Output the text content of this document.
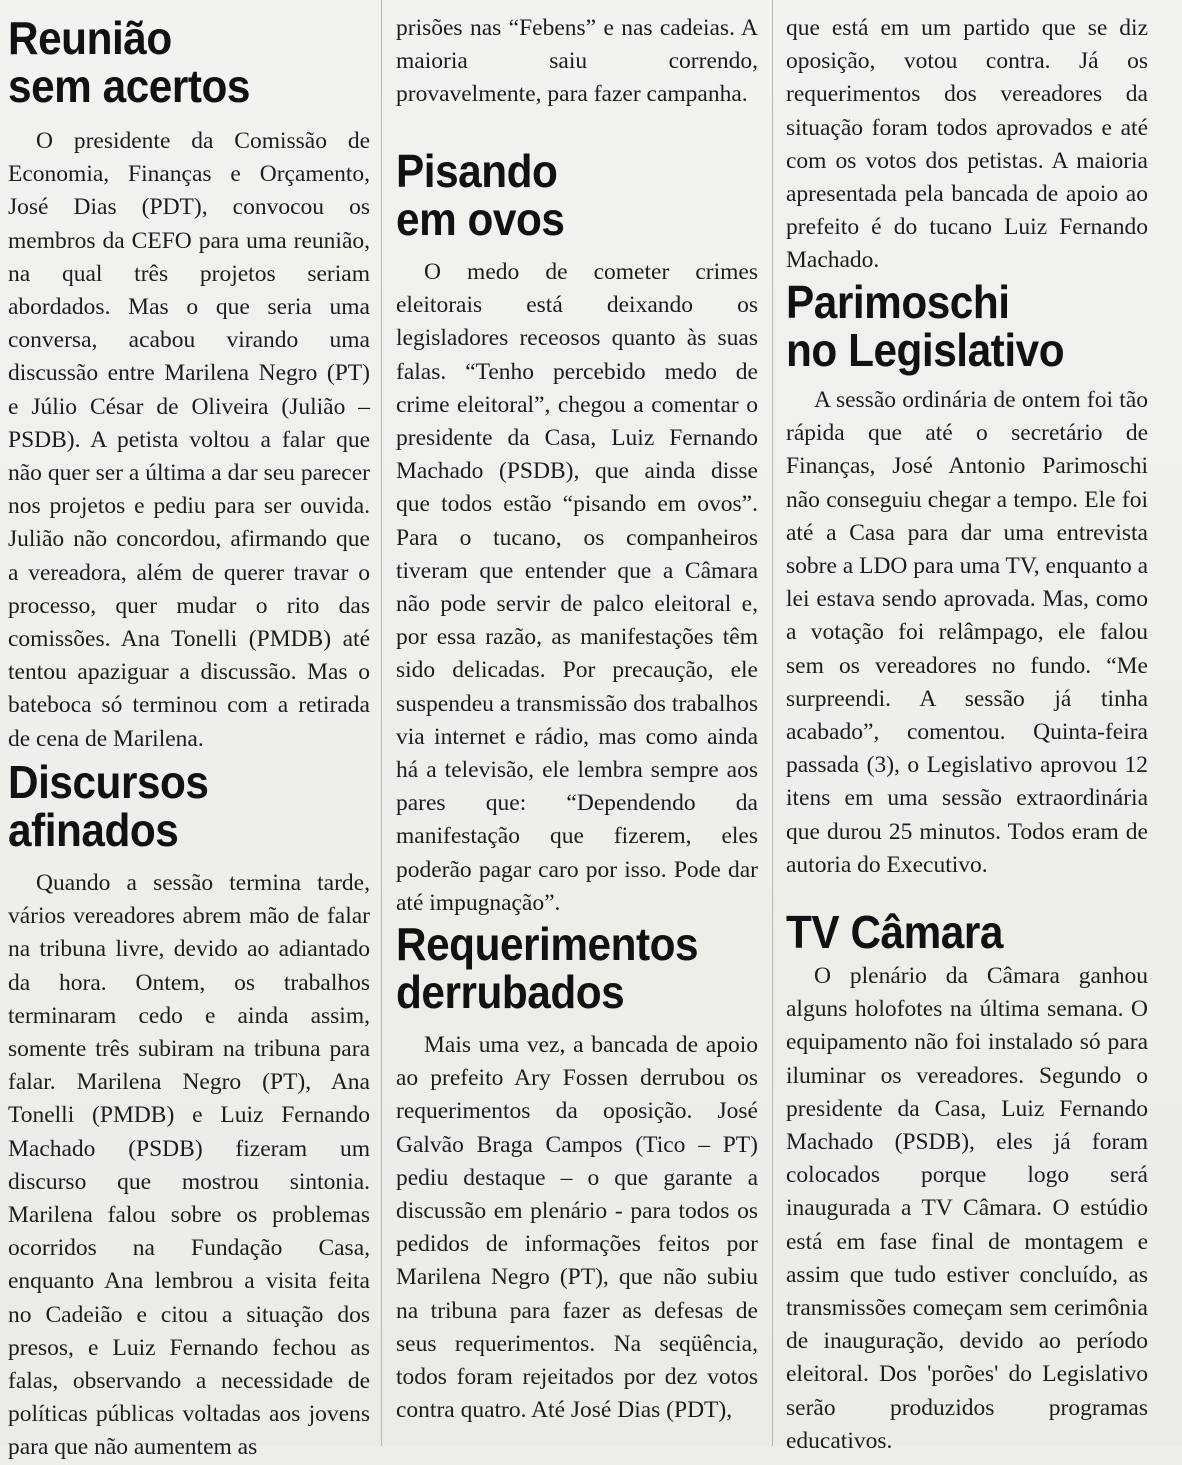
Reunião
sem acertos

O presidente da Comissão de Economia, Finanças e Orçamento, José Dias (PDT), convocou os membros da CEFO para uma reunião, na qual três projetos seriam abordados. Mas o que seria uma conversa, acabou virando uma discussão entre Marilena Negro (PT) e Júlio César de Oliveira (Julião – PSDB). A petista voltou a falar que não quer ser a última a dar seu parecer nos projetos e pediu para ser ouvida. Julião não concordou, afirmando que a vereadora, além de querer travar o processo, quer mudar o rito das comissões. Ana Tonelli (PMDB) até tentou apaziguar a discussão. Mas o bateboca só terminou com a retirada de cena de Marilena.

Discursos
afinados

Quando a sessão termina tarde, vários vereadores abrem mão de falar na tribuna livre, devido ao adiantado da hora. Ontem, os trabalhos terminaram cedo e ainda assim, somente três subiram na tribuna para falar. Marilena Negro (PT), Ana Tonelli (PMDB) e Luiz Fernando Machado (PSDB) fizeram um discurso que mostrou sintonia. Marilena falou sobre os problemas ocorridos na Fundação Casa, enquanto Ana lembrou a visita feita no Cadeião e citou a situação dos presos, e Luiz Fernando fechou as falas, observando a necessidade de políticas públicas voltadas aos jovens para que não aumentem as

prisões nas “Febens” e nas cadeias. A maioria saiu correndo, provavelmente, para fazer campanha.

Pisando
em ovos

O medo de cometer crimes eleitorais está deixando os legisladores receosos quanto às suas falas. “Tenho percebido medo de crime eleitoral”, chegou a comentar o presidente da Casa, Luiz Fernando Machado (PSDB), que ainda disse que todos estão “pisando em ovos”. Para o tucano, os companheiros tiveram que entender que a Câmara não pode servir de palco eleitoral e, por essa razão, as manifestações têm sido delicadas. Por precaução, ele suspendeu a transmissão dos trabalhos via internet e rádio, mas como ainda há a televisão, ele lembra sempre aos pares que: “Dependendo da manifestação que fizerem, eles poderão pagar caro por isso. Pode dar até impugnação”.

Requerimentos
derrubados

Mais uma vez, a bancada de apoio ao prefeito Ary Fossen derrubou os requerimentos da oposição. José Galvão Braga Campos (Tico – PT) pediu destaque – o que garante a discussão em plenário - para todos os pedidos de informações feitos por Marilena Negro (PT), que não subiu na tribuna para fazer as defesas de seus requerimentos. Na seqüência, todos foram rejeitados por dez votos contra quatro. Até José Dias (PDT),

que está em um partido que se diz oposição, votou contra. Já os requerimentos dos vereadores da situação foram todos aprovados e até com os votos dos petistas. A maioria apresentada pela bancada de apoio ao prefeito é do tucano Luiz Fernando Machado.

Parimoschi
no Legislativo

A sessão ordinária de ontem foi tão rápida que até o secretário de Finanças, José Antonio Parimoschi não conseguiu chegar a tempo. Ele foi até a Casa para dar uma entrevista sobre a LDO para uma TV, enquanto a lei estava sendo aprovada. Mas, como a votação foi relâmpago, ele falou sem os vereadores no fundo. “Me surpreendi. A sessão já tinha acabado”, comentou. Quinta-feira passada (3), o Legislativo aprovou 12 itens em uma sessão extraordinária que durou 25 minutos. Todos eram de autoria do Executivo.

TV Câmara

O plenário da Câmara ganhou alguns holofotes na última semana. O equipamento não foi instalado só para iluminar os vereadores. Segundo o presidente da Casa, Luiz Fernando Machado (PSDB), eles já foram colocados porque logo será inaugurada a TV Câmara. O estúdio está em fase final de montagem e assim que tudo estiver concluído, as transmissões começam sem cerimônia de inauguração, devido ao período eleitoral. Dos 'porões' do Legislativo serão produzidos programas educativos.
